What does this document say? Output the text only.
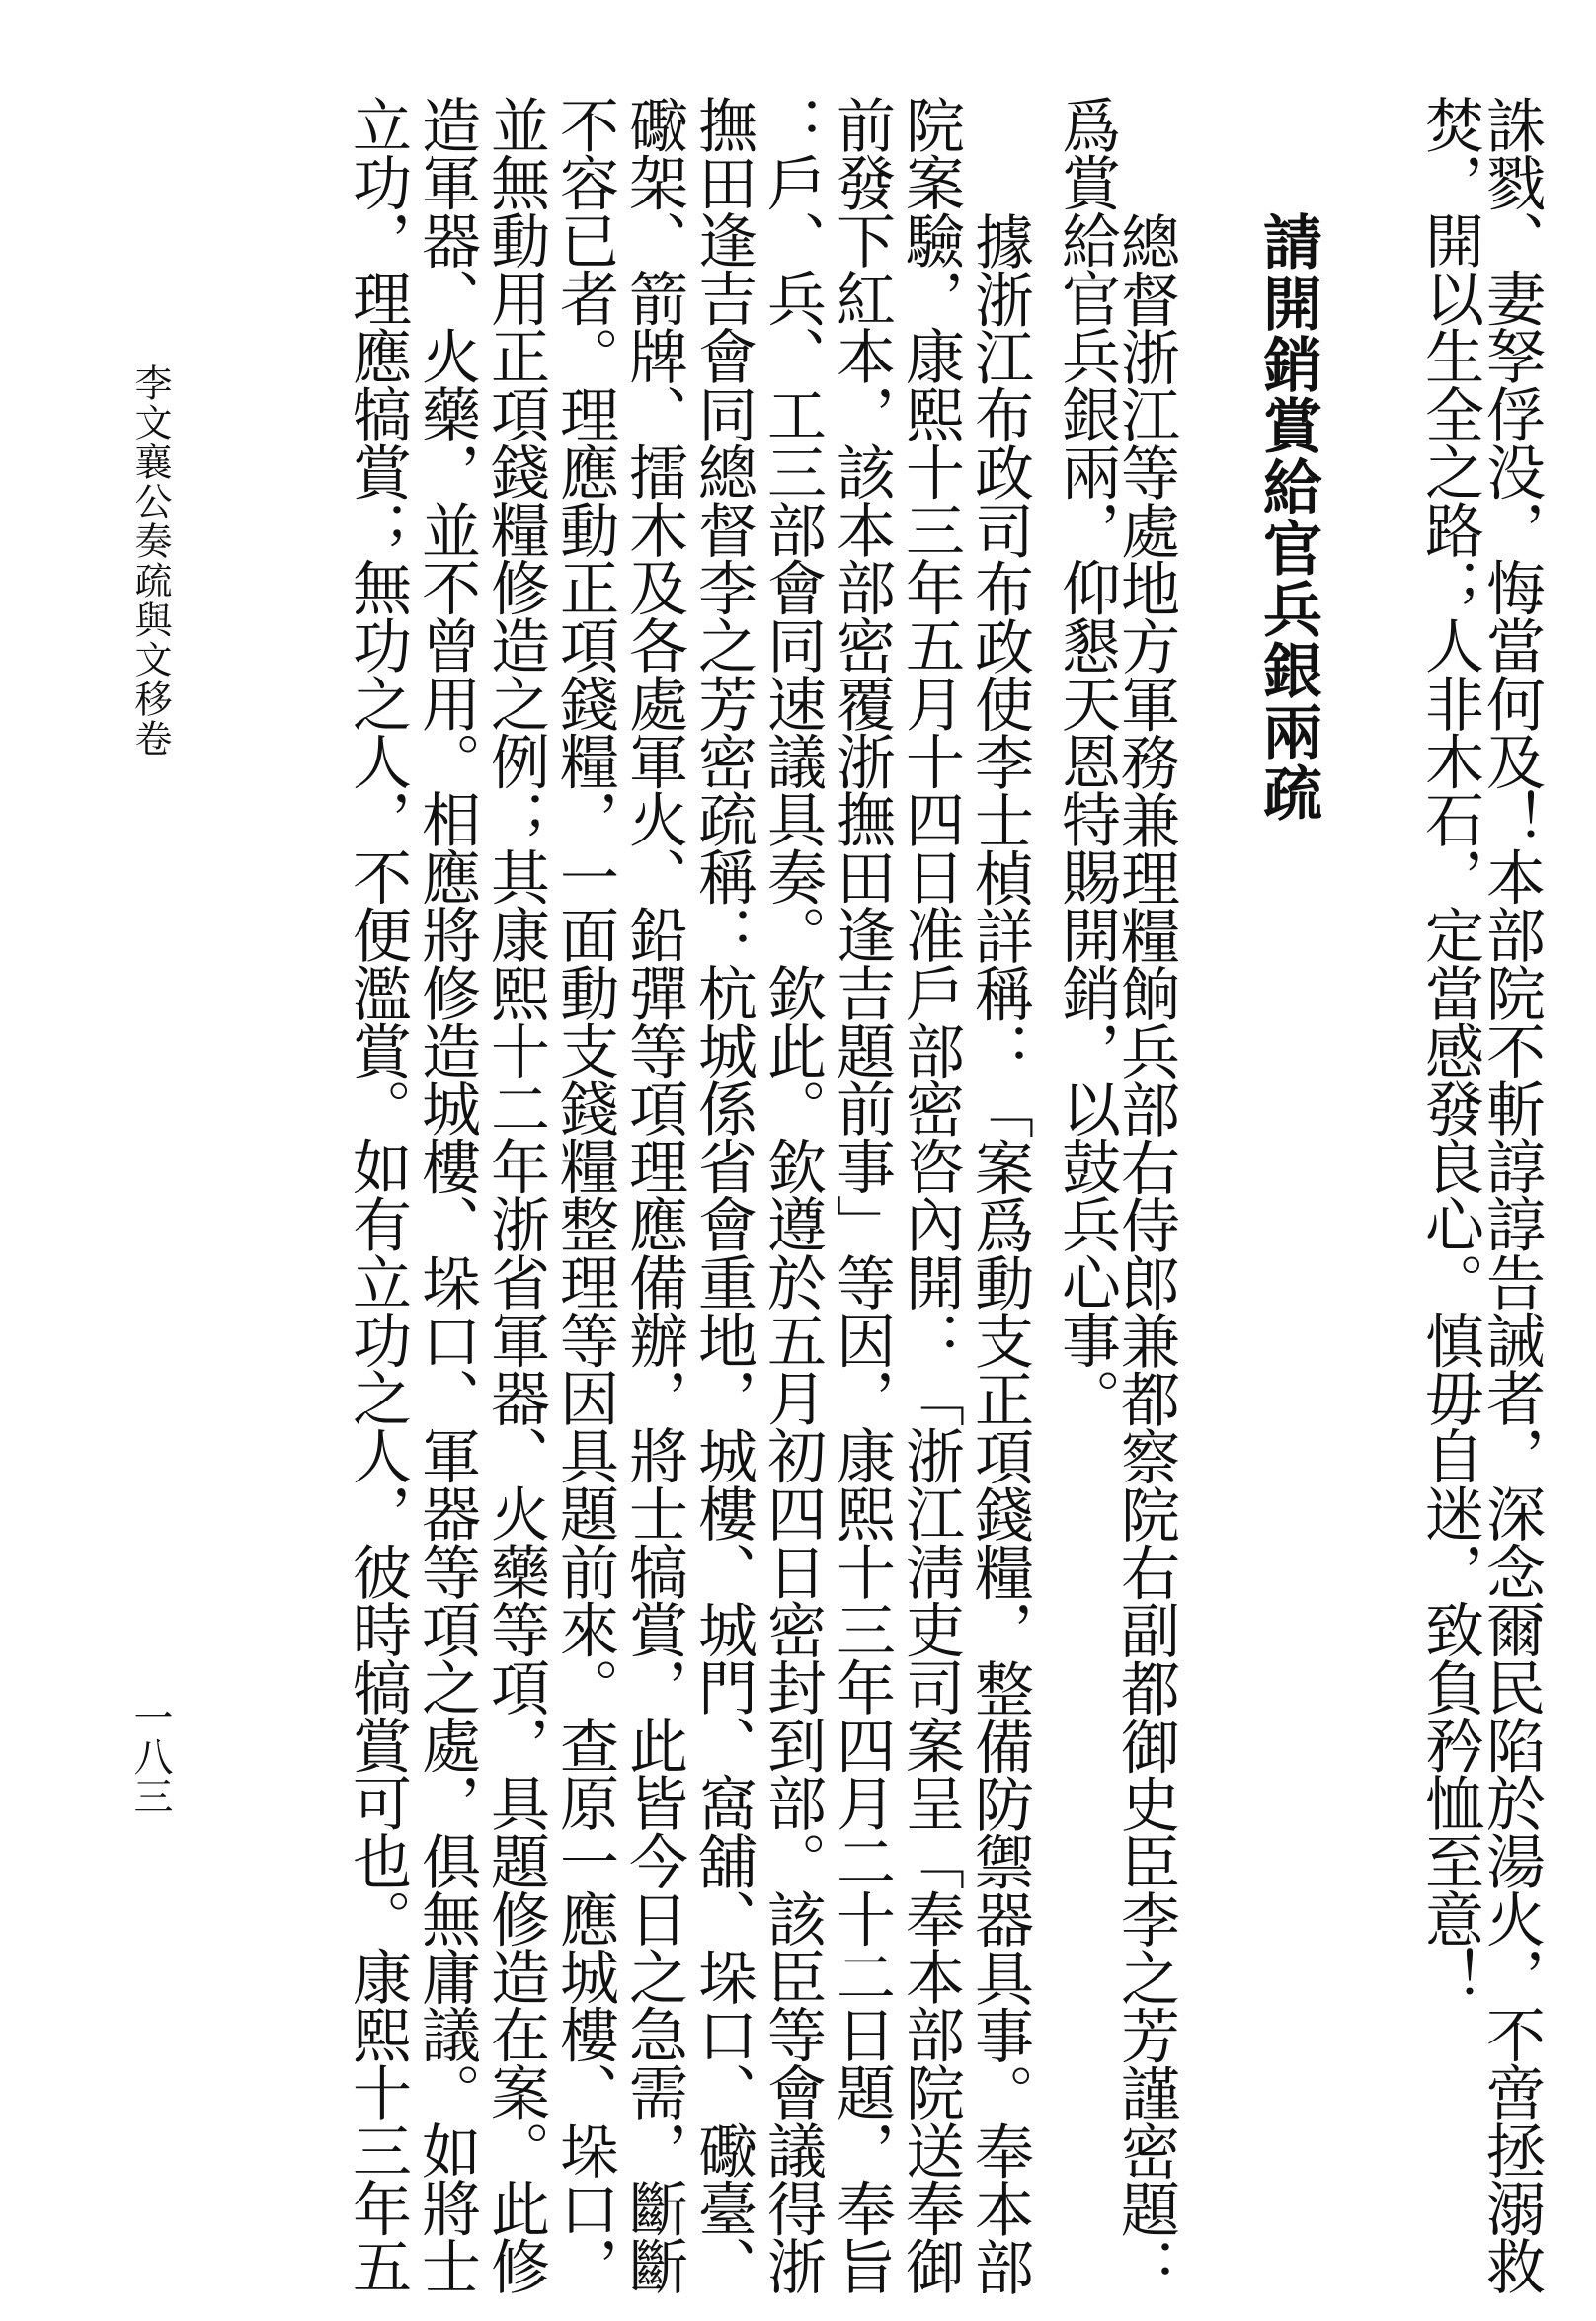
誅戮、妻孥俘没，悔當何及！本部院不斬諄諄告誡者，深念爾民陷於湯火，不啻拯溺救
焚，開以生全之路；人非木石，定當感發良心。慎毋自迷，致負矜恤至意！
請開銷賞給官兵銀兩疏
總督浙江等處地方軍務兼理糧餉兵部右侍郎兼都察院右副都御史臣李之芳謹密題：
爲賞給官兵銀兩，仰懇天恩特賜開銷，以鼓兵心事。
據浙江布政司布政使李士楨詳稱：「案爲動支正項錢糧，整備防禦器具事。奉本部
院案驗，康熙十三年五月十四日准戶部密咨內開：「浙江淸吏司案呈「奉本部院送奉御
前發下紅本，該本部密覆浙撫田逢吉題前事」等因，康熙十三年四月二十二日題，奉旨
：戶、兵、工三部會同速議具奏。欽此。欽遵於五月初四日密封到部。該臣等會議得浙
撫田逢吉會同總督李之芳密疏稱：杭城係省會重地，城樓、城門、窩舖、垛口、礮臺、
礮架、箭牌、擂木及各處軍火、鉛彈等項理應備辦，將士犒賞，此皆今日之急需，斷斷
不容已者。理應動正項錢糧，一面動支錢糧整理等因具題前來。查原一應城樓、垛口，
並無動用正項錢糧修造之例；其康熙十二年浙省軍器、火藥等項，具題修造在案。此修
造軍器、火藥，並不曾用。相應將修造城樓、垛口、軍器等項之處，俱無庸議。如將士
立功，理應犒賞；無功之人，不便濫賞。如有立功之人，彼時犒賞可也。康熙十三年五
李文襄公奏疏與文移卷
一八三
